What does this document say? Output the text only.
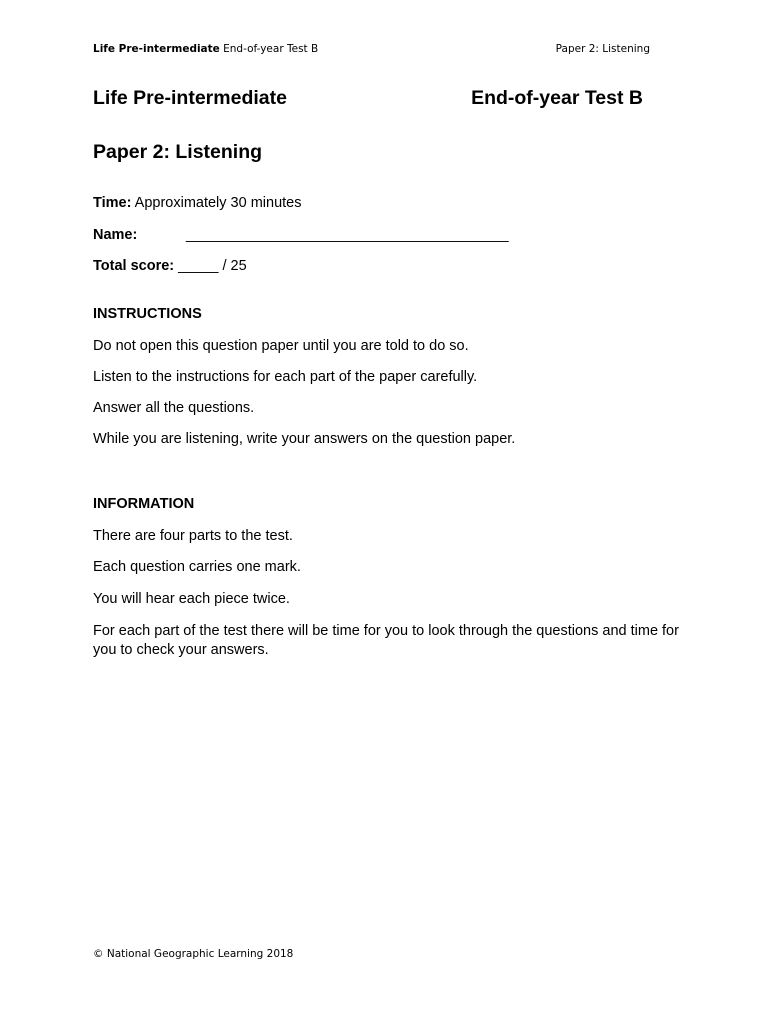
Life Pre-intermediate End-of-year Test B	Paper 2: Listening
Life Pre-intermediate	End-of-year Test B
Paper 2: Listening
Time: Approximately 30 minutes
Name:	________________________________________
Total score: _____ / 25
INSTRUCTIONS
Do not open this question paper until you are told to do so.
Listen to the instructions for each part of the paper carefully.
Answer all the questions.
While you are listening, write your answers on the question paper.
INFORMATION
There are four parts to the test.
Each question carries one mark.
You will hear each piece twice.
For each part of the test there will be time for you to look through the questions and time for you to check your answers.
© National Geographic Learning 2018
